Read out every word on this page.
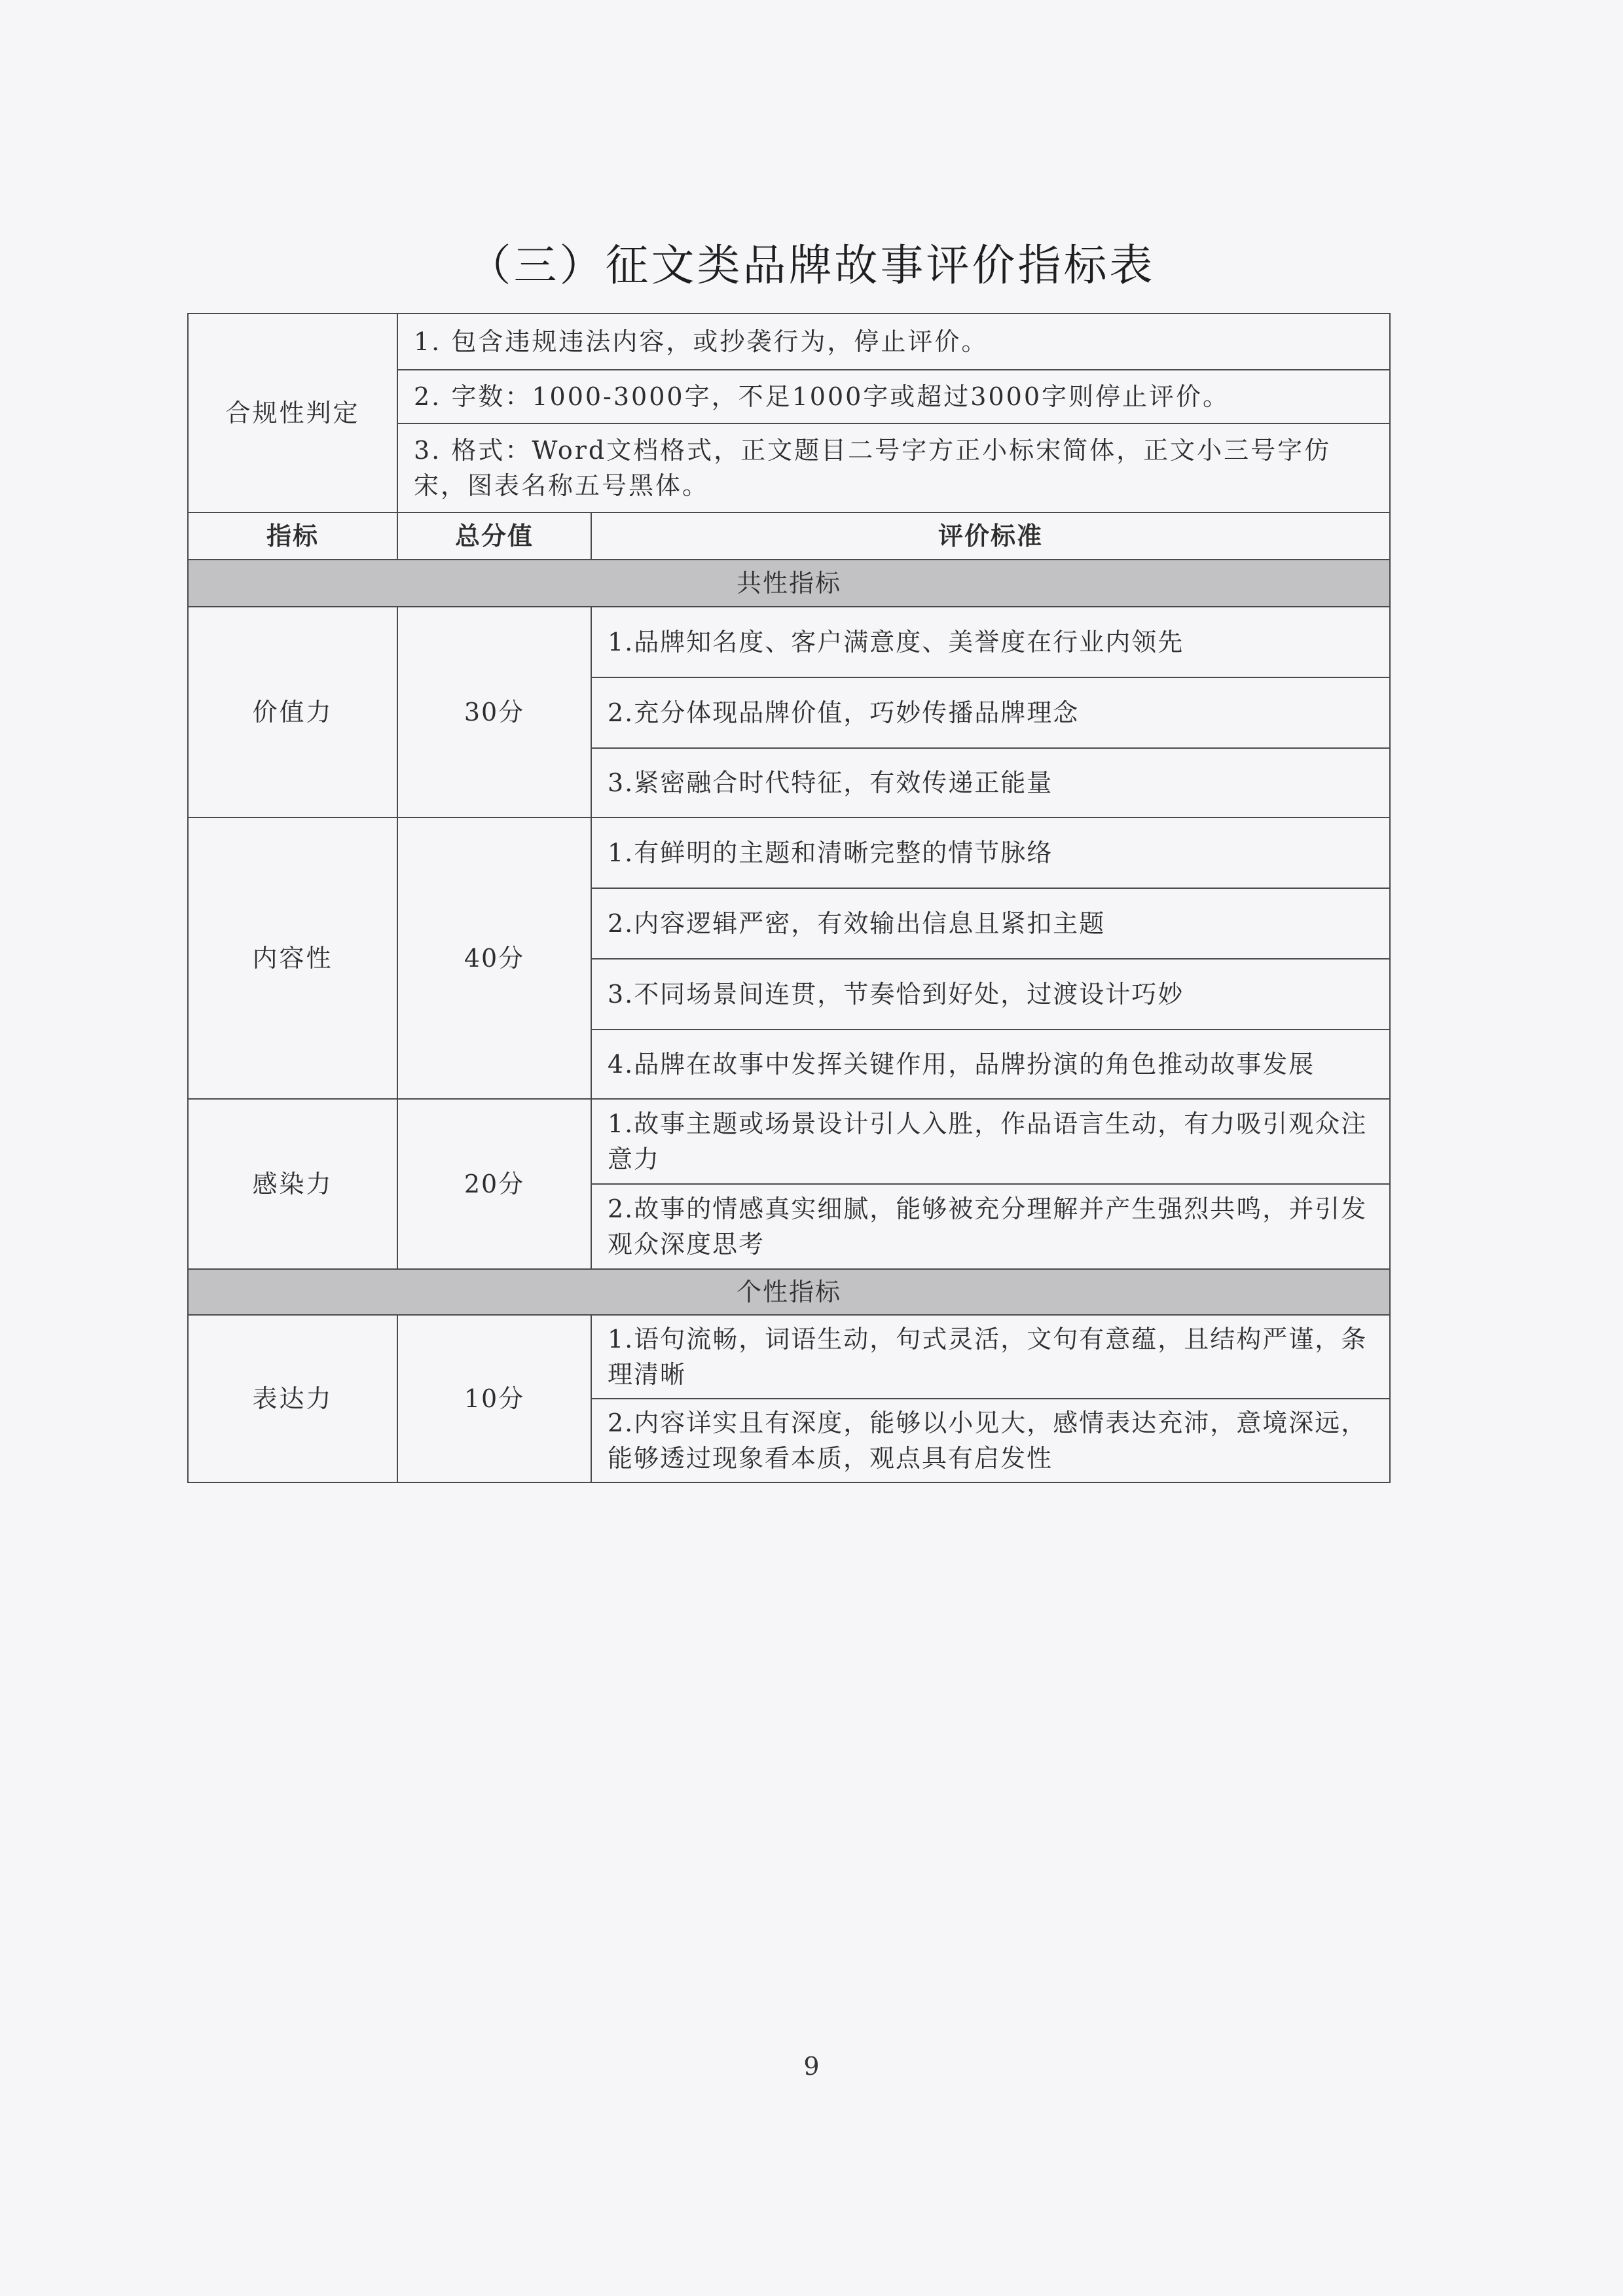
（三）征文类品牌故事评价指标表
合规性判定	1. 包含违规违法内容，或抄袭行为，停止评价。	
	2. 字数：1000-3000字，不足1000字或超过3000字则停止评价。	
	3. 格式：Word文档格式，正文题目二号字方正小标宋简体，正文小三号字仿宋，图表名称五号黑体。	
指标	总分值	评价标准
共性指标		
价值力	30分	1.品牌知名度、客户满意度、美誉度在行业内领先
		2.充分体现品牌价值，巧妙传播品牌理念
		3.紧密融合时代特征，有效传递正能量
内容性	40分	1.有鲜明的主题和清晰完整的情节脉络
		2.内容逻辑严密，有效输出信息且紧扣主题
		3.不同场景间连贯，节奏恰到好处，过渡设计巧妙
		4.品牌在故事中发挥关键作用，品牌扮演的角色推动故事发展
感染力	20分	1.故事主题或场景设计引人入胜，作品语言生动，有力吸引观众注意力
		2.故事的情感真实细腻，能够被充分理解并产生强烈共鸣，并引发观众深度思考
个性指标		
表达力	10分	1.语句流畅，词语生动，句式灵活，文句有意蕴，且结构严谨，条理清晰
		2.内容详实且有深度，能够以小见大，感情表达充沛，意境深远，能够透过现象看本质，观点具有启发性
9
